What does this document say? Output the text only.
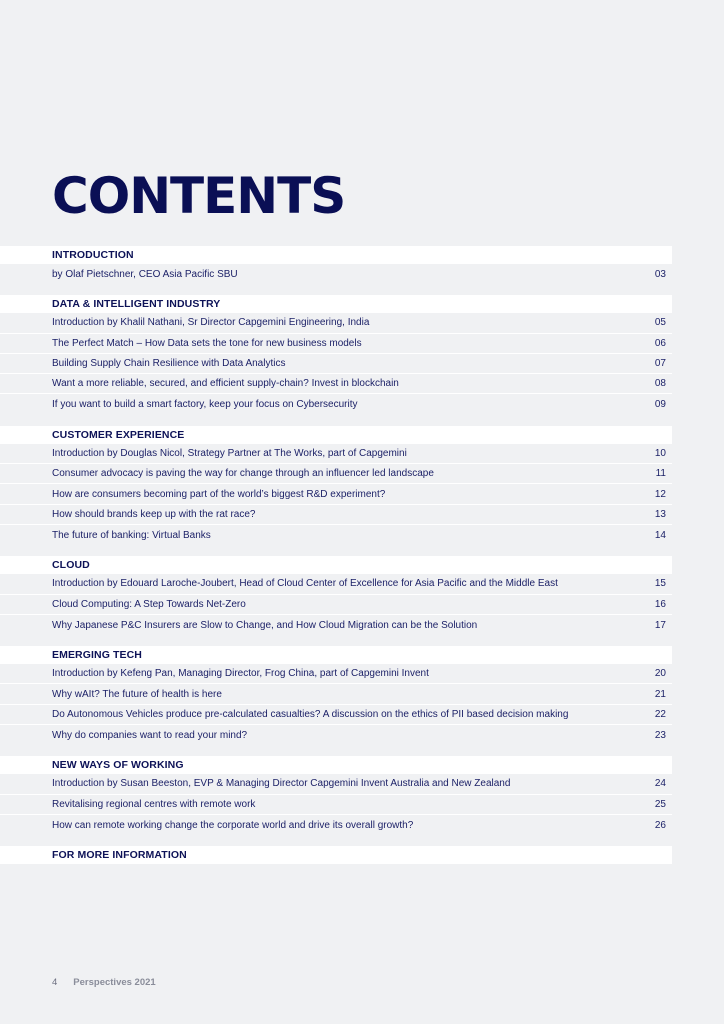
CONTENTS
INTRODUCTION
by Olaf Pietschner, CEO Asia Pacific SBU	03
DATA & INTELLIGENT INDUSTRY
Introduction by Khalil Nathani, Sr Director Capgemini Engineering, India	05
The Perfect Match – How Data sets the tone for new business models	06
Building Supply Chain Resilience with Data Analytics	07
Want a more reliable, secured, and efficient supply-chain? Invest in blockchain	08
If you want to build a smart factory, keep your focus on Cybersecurity	09
CUSTOMER EXPERIENCE
Introduction by Douglas Nicol, Strategy Partner at The Works, part of Capgemini	10
Consumer advocacy is paving the way for change through an influencer led landscape	11
How are consumers becoming part of the world’s biggest R&D experiment?	12
How should brands keep up with the rat race?	13
The future of banking: Virtual Banks	14
CLOUD
Introduction by Edouard Laroche-Joubert, Head of Cloud Center of Excellence for Asia Pacific and the Middle East	15
Cloud Computing: A Step Towards Net-Zero	16
Why Japanese P&C Insurers are Slow to Change, and How Cloud Migration can be the Solution	17
EMERGING TECH
Introduction by Kefeng Pan, Managing Director, Frog China, part of Capgemini Invent	20
Why wAIt? The future of health is here	21
Do Autonomous Vehicles produce pre-calculated casualties? A discussion on the ethics of PII based decision making	22
Why do companies want to read your mind?	23
NEW WAYS OF WORKING
Introduction by Susan Beeston, EVP & Managing Director Capgemini Invent Australia and New Zealand	24
Revitalising regional centres with remote work	25
How can remote working change the corporate world and drive its overall growth?	26
FOR MORE INFORMATION
4 Perspectives 2021
